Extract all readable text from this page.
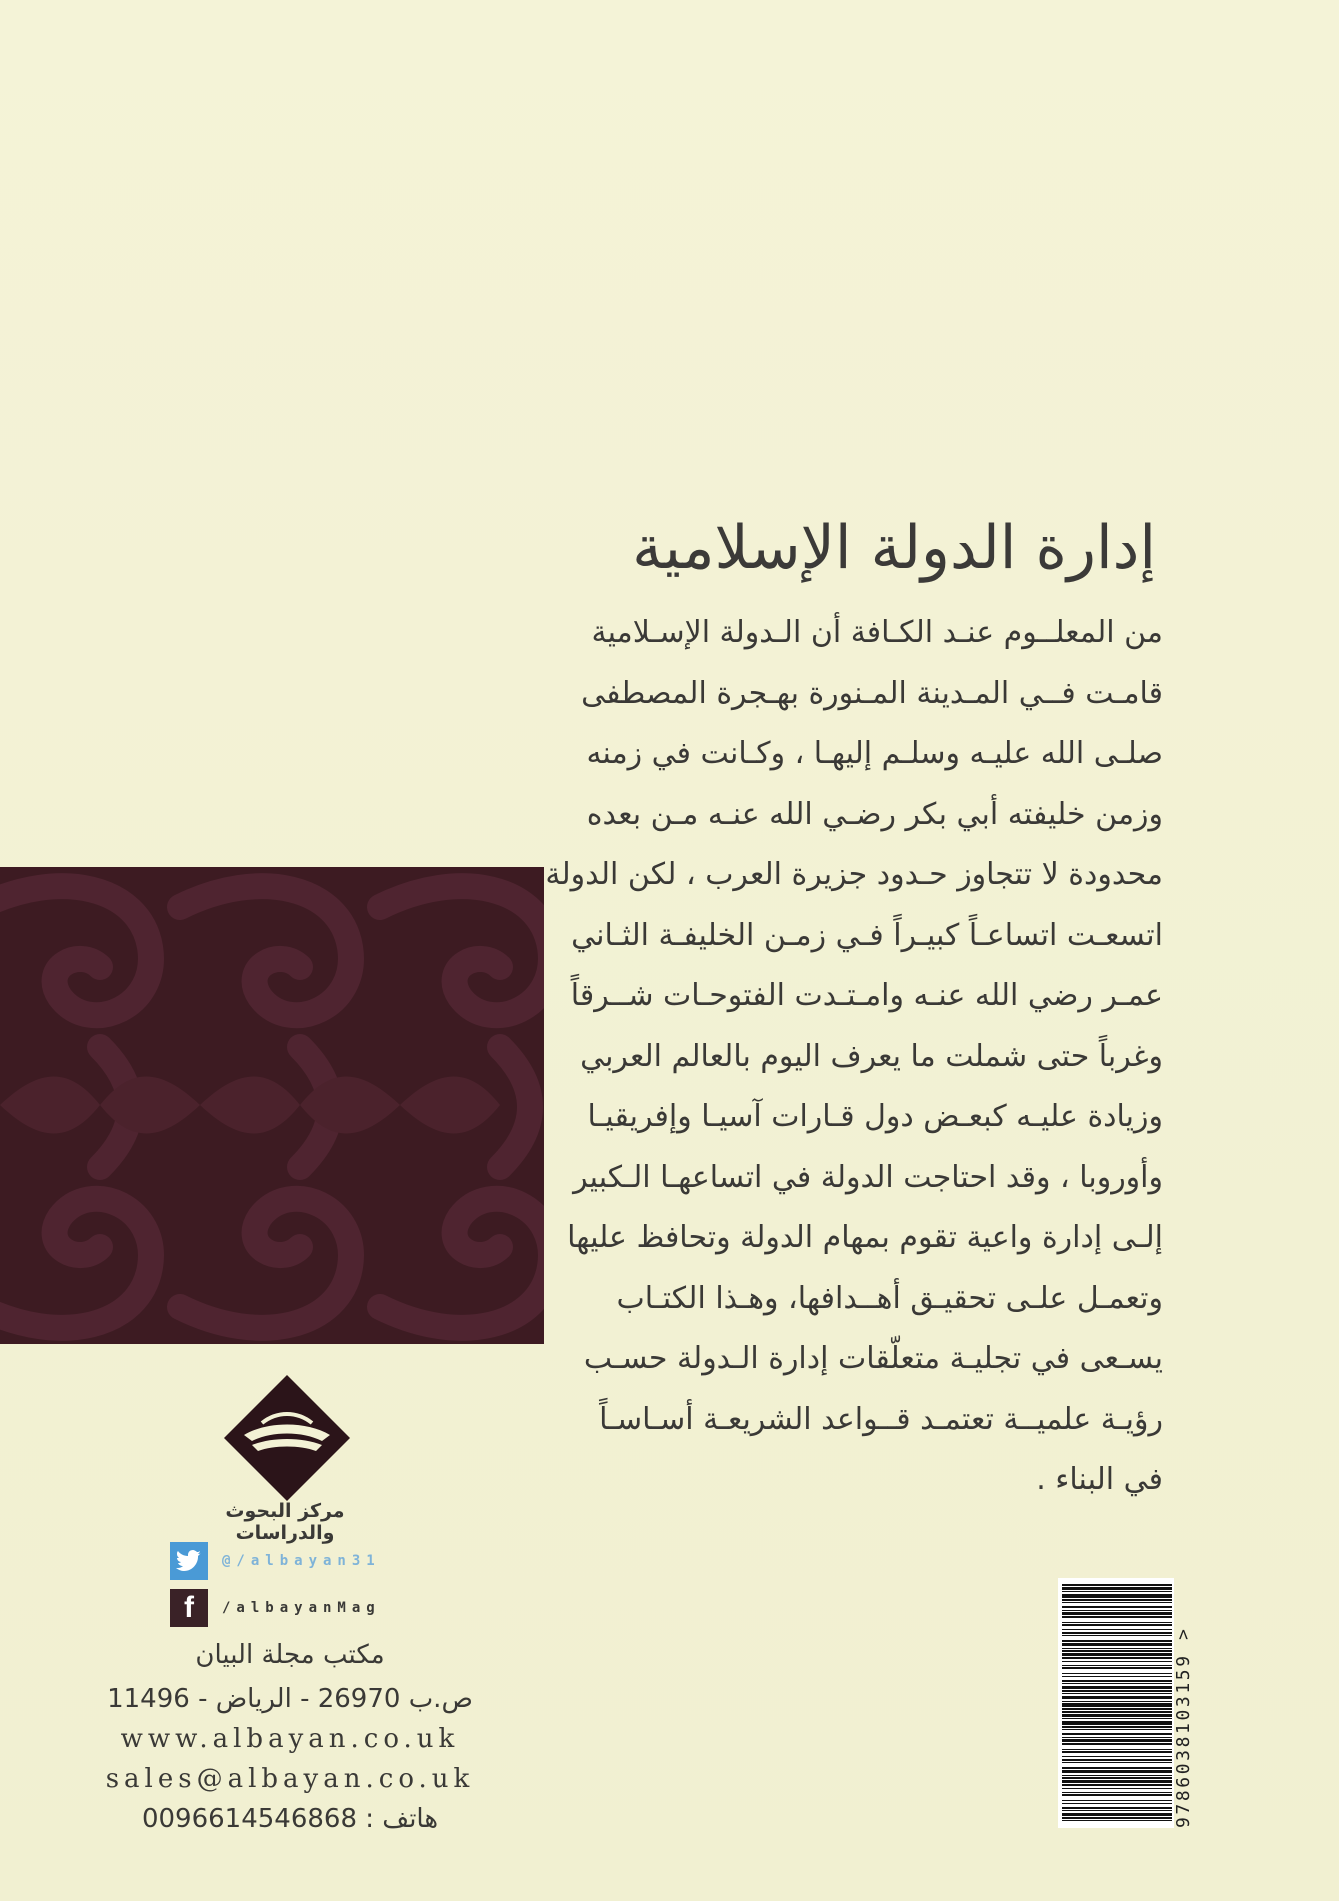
إدارة الدولة الإسلامية
من المعلــوم عنـد الكـافة أن الـدولة الإسـلامية
قامـت فــي المـدينة المـنورة بهـجرة المصطفى
صلـى الله عليـه وسلـم إليهـا ، وكـانت في زمنه
وزمن خليفته أبي بكر رضـي الله عنـه مـن بعده
محدودة لا تتجاوز حـدود جزيرة العرب ، لكن الدولة
اتسعـت اتساعـاً كبيـراً فـي زمـن الخليفـة الثـاني
عمـر رضي الله عنـه وامـتـدت الفتوحـات شــرقاً
وغرباً حتى شملت ما يعرف اليوم بالعالم العربي
وزيادة عليـه كبعـض دول قـارات آسيـا وإفريقيـا
وأوروبا ، وقد احتاجت الدولة في اتساعهـا الـكبير
إلـى إدارة واعية تقوم بمهام الدولة وتحافظ عليها
وتعمـل علـى تحقيـق أهــدافها، وهـذا الكتـاب
يسـعى في تجليـة متعلّقات إدارة الـدولة حسـب
رؤيـة علميــة تعتمـد قــواعد الشريعـة أسـاسـاً
في البناء .
مركز البحوث والدراسات
@/albayan31
f /albayanMag
مكتب مجلة البيان
ص.ب 26970 - الرياض - 11496
www.albayan.co.uk
sales@albayan.co.uk
هاتف : 0096614546868	9786038103159 >
